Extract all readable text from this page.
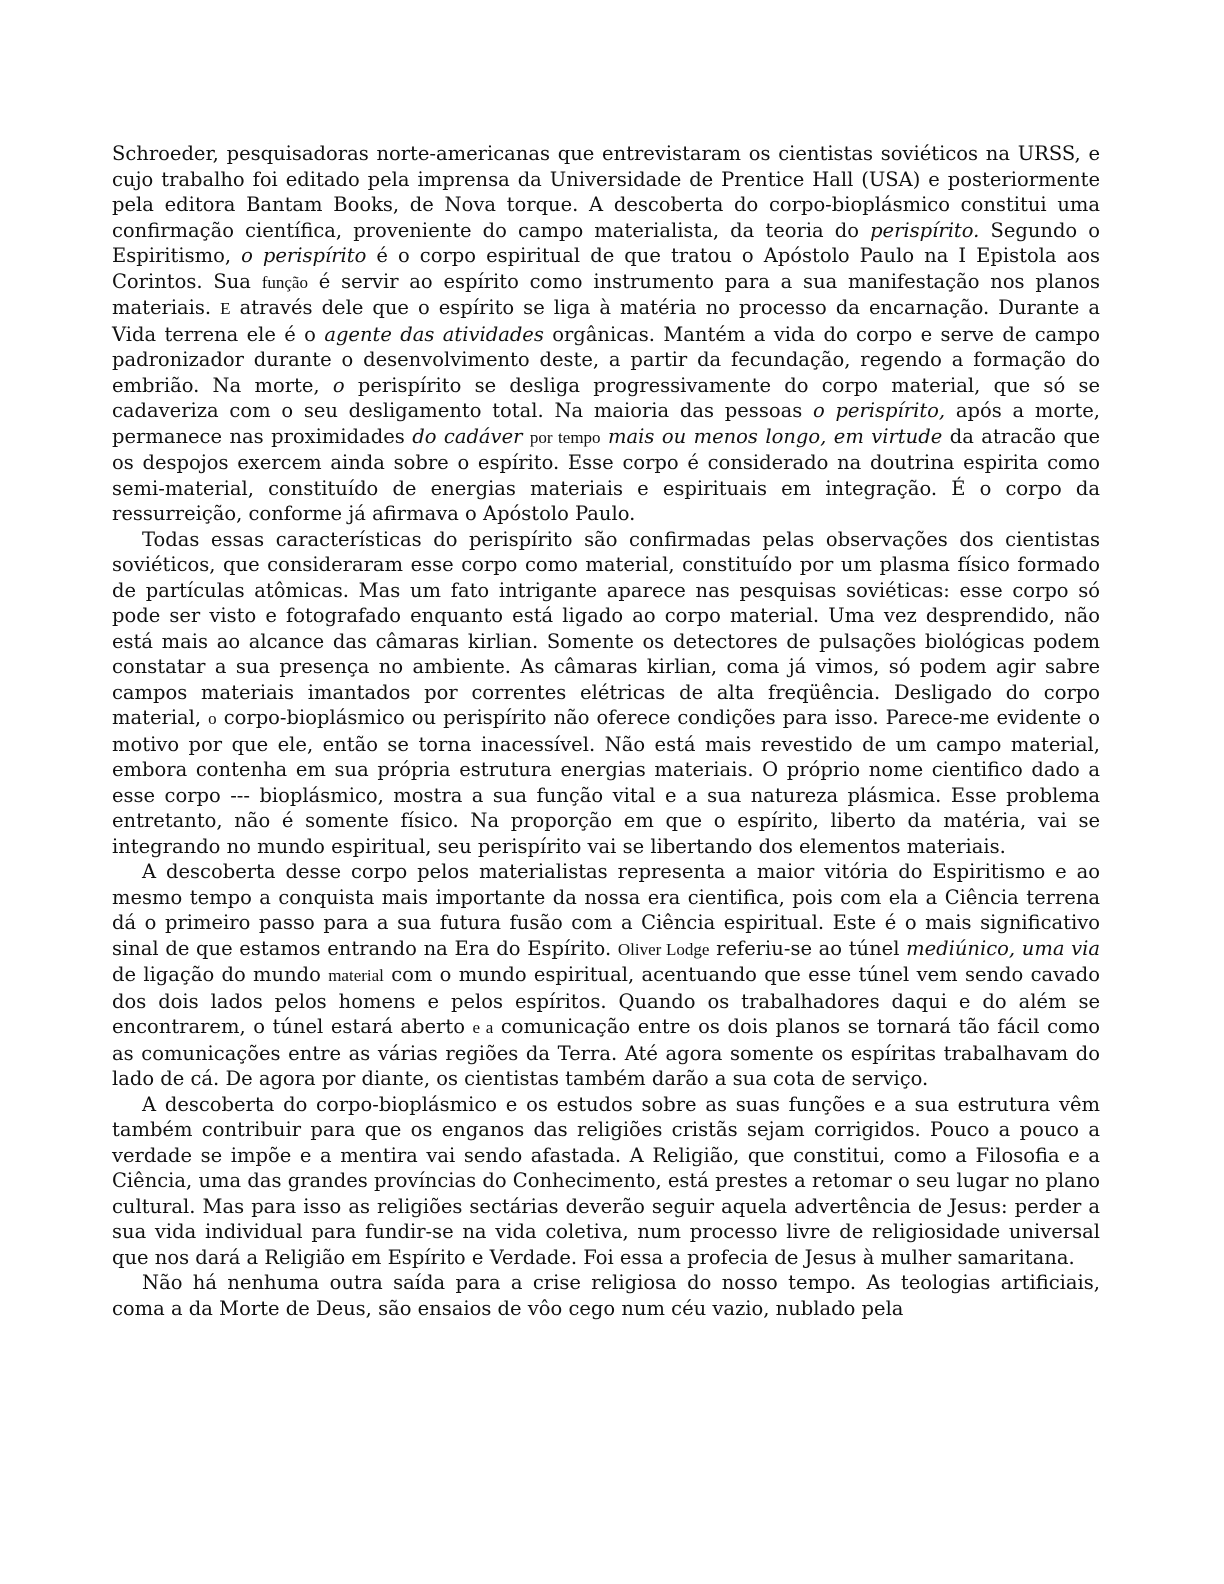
Schroeder, pesquisadoras norte-americanas que entrevistaram os cientistas soviéticos na URSS, e cujo trabalho foi editado pela imprensa da Universidade de Prentice Hall (USA) e posteriormente pela editora Bantam Books, de Nova torque. A descoberta do corpo-bioplásmico constitui uma confirmação científica, proveniente do campo materialista, da teoria do perispírito. Segundo o Espiritismo, o perispírito é o corpo espiritual de que tratou o Apóstolo Paulo na I Epistola aos Corintos. Sua função é servir ao espírito como instrumento para a sua manifestação nos planos materiais. E através dele que o espírito se liga à matéria no processo da encarnação. Durante a Vida terrena ele é o agente das atividades orgânicas. Mantém a vida do corpo e serve de campo padronizador durante o desenvolvimento deste, a partir da fecundação, regendo a formação do embrião. Na morte, o perispírito se desliga progressivamente do corpo material, que só se cadaveriza com o seu desligamento total. Na maioria das pessoas o perispírito, após a morte, permanece nas proximidades do cadáver por tempo mais ou menos longo, em virtude da atracão que os despojos exercem ainda sobre o espírito. Esse corpo é considerado na doutrina espirita como semi-material, constituído de energias materiais e espirituais em integração. É o corpo da ressurreição, conforme já afirmava o Apóstolo Paulo.

Todas essas características do perispírito são confirmadas pelas observações dos cientistas soviéticos, que consideraram esse corpo como material, constituído por um plasma físico formado de partículas atômicas. Mas um fato intrigante aparece nas pesquisas soviéticas: esse corpo só pode ser visto e fotografado enquanto está ligado ao corpo material. Uma vez desprendido, não está mais ao alcance das câmaras kirlian. Somente os detectores de pulsações biológicas podem constatar a sua presença no ambiente. As câmaras kirlian, coma já vimos, só podem agir sabre campos materiais imantados por correntes elétricas de alta freqüência. Desligado do corpo material, o corpo-bioplásmico ou perispírito não oferece condições para isso. Parece-me evidente o motivo por que ele, então se torna inacessível. Não está mais revestido de um campo material, embora contenha em sua própria estrutura energias materiais. O próprio nome cientifico dado a esse corpo --- bioplásmico, mostra a sua função vital e a sua natureza plásmica. Esse problema entretanto, não é somente físico. Na proporção em que o espírito, liberto da matéria, vai se integrando no mundo espiritual, seu perispírito vai se libertando dos elementos materiais.

A descoberta desse corpo pelos materialistas representa a maior vitória do Espiritismo e ao mesmo tempo a conquista mais importante da nossa era cientifica, pois com ela a Ciência terrena dá o primeiro passo para a sua futura fusão com a Ciência espiritual. Este é o mais significativo sinal de que estamos entrando na Era do Espírito. Oliver Lodge referiu-se ao túnel mediúnico, uma via de ligação do mundo material com o mundo espiritual, acentuando que esse túnel vem sendo cavado dos dois lados pelos homens e pelos espíritos. Quando os trabalhadores daqui e do além se encontrarem, o túnel estará aberto e a comunicação entre os dois planos se tornará tão fácil como as comunicações entre as várias regiões da Terra. Até agora somente os espíritas trabalhavam do lado de cá. De agora por diante, os cientistas também darão a sua cota de serviço.

A descoberta do corpo-bioplásmico e os estudos sobre as suas funções e a sua estrutura vêm também contribuir para que os enganos das religiões cristãs sejam corrigidos. Pouco a pouco a verdade se impõe e a mentira vai sendo afastada. A Religião, que constitui, como a Filosofia e a Ciência, uma das grandes províncias do Conhecimento, está prestes a retomar o seu lugar no plano cultural. Mas para isso as religiões sectárias deverão seguir aquela advertência de Jesus: perder a sua vida individual para fundir-se na vida coletiva, num processo livre de religiosidade universal que nos dará a Religião em Espírito e Verdade. Foi essa a profecia de Jesus à mulher samaritana.

Não há nenhuma outra saída para a crise religiosa do nosso tempo. As teologias artificiais, coma a da Morte de Deus, são ensaios de vôo cego num céu vazio, nublado pela
